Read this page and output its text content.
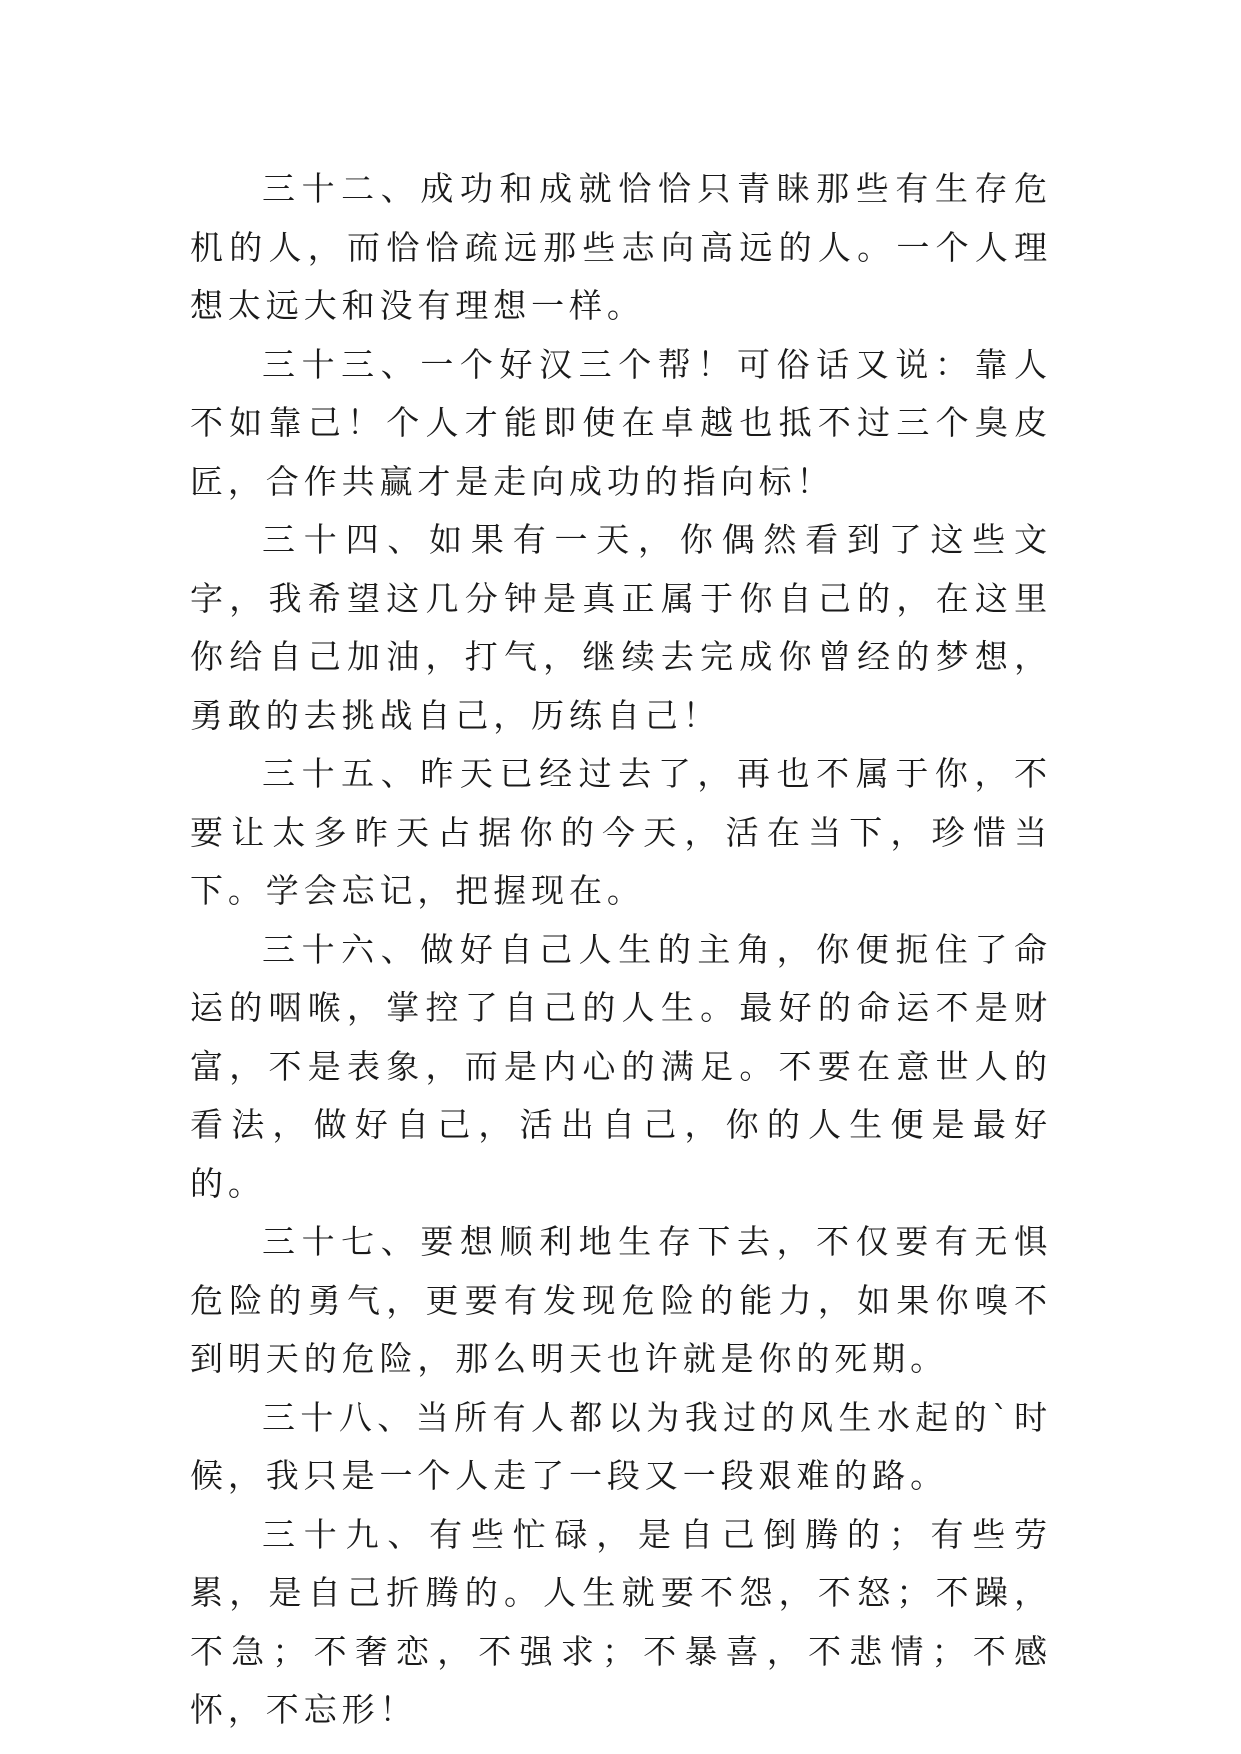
三十二、成功和成就恰恰只青睐那些有生存危机的人，而恰恰疏远那些志向高远的人。一个人理想太远大和没有理想一样。

三十三、一个好汉三个帮！可俗话又说：靠人不如靠己！个人才能即使在卓越也抵不过三个臭皮匠，合作共赢才是走向成功的指向标！

三十四、如果有一天，你偶然看到了这些文字，我希望这几分钟是真正属于你自己的，在这里你给自己加油，打气，继续去完成你曾经的梦想，勇敢的去挑战自己，历练自己！

三十五、昨天已经过去了，再也不属于你，不要让太多昨天占据你的今天，活在当下，珍惜当下。学会忘记，把握现在。

三十六、做好自己人生的主角，你便扼住了命运的咽喉，掌控了自己的人生。最好的命运不是财富，不是表象，而是内心的满足。不要在意世人的看法，做好自己，活出自己，你的人生便是最好的。

三十七、要想顺利地生存下去，不仅要有无惧危险的勇气，更要有发现危险的能力，如果你嗅不到明天的危险，那么明天也许就是你的死期。

三十八、当所有人都以为我过的风生水起的`时候，我只是一个人走了一段又一段艰难的路。

三十九、有些忙碌，是自己倒腾的；有些劳累，是自己折腾的。人生就要不怨，不怒；不躁，不急；不奢恋，不强求；不暴喜，不悲情；不感怀，不忘形！
